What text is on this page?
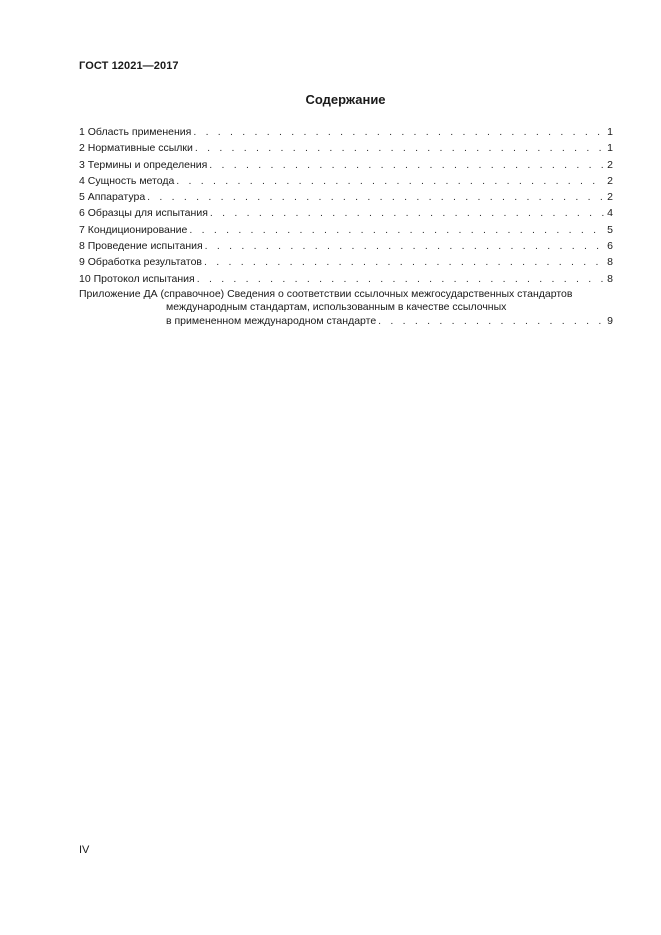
ГОСТ 12021—2017
Содержание
1 Область применения . . .	1
2 Нормативные ссылки . . .	1
3 Термины и определения . . .	2
4 Сущность метода . . .	2
5 Аппаратура . . .	2
6 Образцы для испытания . . .	4
7 Кондиционирование . . .	5
8 Проведение испытания . . .	6
9 Обработка результатов . . .	8
10 Протокол испытания . . .	8
Приложение ДА (справочное) Сведения о соответствии ссылочных межгосударственных стандартов
международным стандартам, использованным в качестве ссылочных
в примененном международном стандарте . . .	9
IV
